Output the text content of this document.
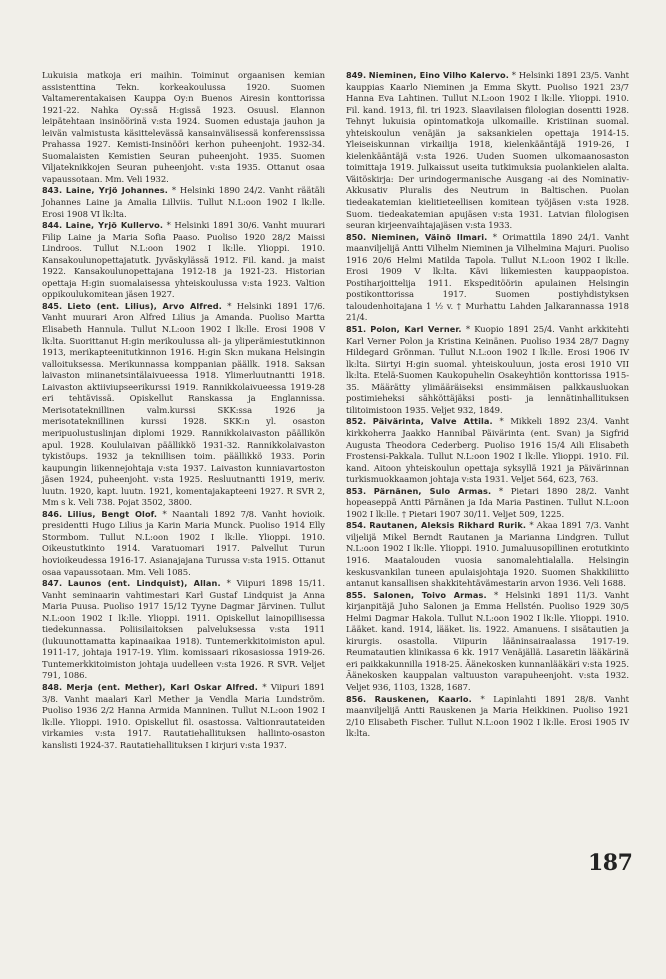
Lukuisia matkoja eri maihin. Toiminut orgaanisen kemian assistenttina Tekn. korkeakoulussa 1920. Suomen Valtamerentakaisen Kauppa Oy:n Buenos Airesin konttorissa 1921-22. Nahka Oy:ssä H:gissä 1923. Osuusl. Elannon leipätehtaan insinöörinä v:sta 1924. Suomen edustaja jauhon ja leivän valmistusta käsittelevässä kansainvälisessä konferenssissa Prahassa 1927. Kemisti-Insinööri kerhon puheenjoht. 1932-34. Suomalaisten Kemistien Seuran puheenjoht. 1935. Suomen Viljateknikkojen Seuran puheenjoht. v:sta 1935. Ottanut osaa vapaussotaan. Mm. Veli 1932.

843. Laine, Yrjö Johannes. * Helsinki 1890 24/2. Vanht räätäli Johannes Laine ja Amalia Lillviis. Tullut N.L:oon 1902 I lk:lle. Erosi 1908 VI lk:lta.

844. Laine, Yrjö Kullervo. * Helsinki 1891 30/6. Vanht muurari Filip Laine ja Maria Sofia Paaso. Puoliso 1920 28/2 Maissi Lindroos. Tullut N.L:oon 1902 I lk:lle. Ylioppi. 1910. Kansakoulunopettajatutk. Jyväskylässä 1912. Fil. kand. ja maist 1922. Kansakoulunopettajana 1912-18 ja 1921-23. Historian opettaja H:gin suomalaisessa yhteiskoulussa v:sta 1923. Valtion oppikoulukomitean jäsen 1927.

845. Lieto (ent. Lilius), Arvo Alfred. * Helsinki 1891 17/6. Vanht muurari Aron Alfred Lilius ja Amanda. Puoliso Martta Elisabeth Hannula. Tullut N.L:oon 1902 I lk:lle. Erosi 1908 V lk:lta. Suorittanut H:gin merikoulussa ali- ja yliperämiestutkinnon 1913, merikapteenitutkinnon 1916. H:gin Sk:n mukana Helsingin valloituksessa. Merikunnassa komppanian päällk. 1918. Saksan laivaston miinanetsintälaivueessa 1918. Ylimerluutnantti 1918. Laivaston aktiiviupseerikurssi 1919. Rannikkolaivueessa 1919-28 eri tehtävissä. Opiskellut Ranskassa ja Englannissa. Merisotateknillinen valm.kurssi SKK:ssa 1926 ja merisotateknillinen kurssi 1928. SKK:n yl. osaston meripuolustuslinjan diplomi 1929. Rannikkolaivaston päällikön apul. 1928. Koululaivan päällikkö 1931-32. Rannikkolaivaston tykistöups. 1932 ja teknillisen toim. päällikkö 1933. Porin kaupungin liikennejohtaja v:sta 1937. Laivaston kunniavartoston jäsen 1924, puheenjoht. v:sta 1925. Resluutnantti 1919, meriv. luutn. 1920, kapt. luutn. 1921, komentajakapteeni 1927. R SVR 2, Mm s k. Veli 738. Pojat 3502, 3800.

846. Lilius, Bengt Olof. * Naantali 1892 7/8. Vanht hovioik. presidentti Hugo Lilius ja Karin Maria Munck. Puoliso 1914 Elly Stormbom. Tullut N.L:oon 1902 I lk:lle. Ylioppi. 1910. Oikeustutkinto 1914. Varatuomari 1917. Palvellut Turun hovioikeudessa 1916-17. Asianajajana Turussa v:sta 1915. Ottanut osaa vapaussotaan. Mm. Veli 1085.

847. Launos (ent. Lindquist), Allan. * Viipuri 1898 15/11. Vanht seminaarin vahtimestari Karl Gustaf Lindquist ja Anna Maria Puusa. Puoliso 1917 15/12 Tyyne Dagmar Järvinen. Tullut N.L:oon 1902 I lk:lle. Ylioppi. 1911. Opiskellut lainopillisessa tiedekunnassa. Poliisilaitoksen palveluksessa v:sta 1911 (lukuunottamatta kapinaaikaa 1918). Tuntemerkkitoimiston apul. 1911-17, johtaja 1917-19. Ylim. komissaari rikosasiossa 1919-26. Tuntemerkkitoimiston johtaja uudelleen v:sta 1926. R SVR. Veljet 791, 1086.

848. Merja (ent. Mether), Karl Oskar Alfred. * Viipuri 1891 3/8. Vanht maalari Karl Mether ja Vendla Maria Lundström. Puoliso 1936 2/2 Hanna Armida Manninen. Tullut N.L:oon 1902 I lk:lle. Ylioppi. 1910. Opiskellut fil. osastossa. Valtionrautateiden virkamies v:sta 1917. Rautatiehallituksen hallinto-osaston kanslisti 1924-37. Rautatiehallituksen I kirjuri v:sta 1937.

849. Nieminen, Eino Vilho Kalervo. * Helsinki 1891 23/5. Vanht kauppias Kaarlo Nieminen ja Emma Skytt. Puoliso 1921 23/7 Hanna Eva Lahtinen. Tullut N.L:oon 1902 I lk:lle. Ylioppi. 1910. Fil. kand. 1913, fil. tri 1923. Slaavilaisen filologian dosentti 1928. Tehnyt lukuisia opintomatkoja ulkomaille. Kristiinan suomal. yhteiskoulun venäjän ja saksankielen opettaja 1914-15. Yleiseiskunnan virkailija 1918, kielenkääntäjä 1919-26, I kielenkääntäjä v:sta 1926. Uuden Suomen ulkomaanosaston toimittaja 1919. Julkaissut useita tutkimuksia puolankielen alalta. Väitöskirja: Der urindogermanische Ausgang -ai des Nominativ-Akkusativ Pluralis des Neutrum in Baltischen. Puolan tiedeakatemian kielitieteellisen komitean työjäsen v:sta 1928. Suom. tiedeakatemian apujäsen v:sta 1931. Latvian filologisen seuran kirjeenvaihtajajäsen v:sta 1933.

850. Nieminen, Väinö Ilmari. * Orimattila 1890 24/1. Vanht maanviljelijä Antti Vilhelm Nieminen ja Vilhelmina Majuri. Puoliso 1916 20/6 Helmi Matilda Tapola. Tullut N.L:oon 1902 I lk:lle. Erosi 1909 V lk:lta. Kävi liikemiesten kauppaopistoa. Postiharjoittelija 1911. Ekspeditöörin apulainen Helsingin postikonttorissa 1917. Suomen postiyhdistyksen taloudenhoitajana 1 ½ v. † Murhattu Lahden Jalkarannassa 1918 21/4.

851. Polon, Karl Verner. * Kuopio 1891 25/4. Vanht arkkitehti Karl Verner Polon ja Kristina Keinänen. Puoliso 1934 28/7 Dagny Hildegard Grönman. Tullut N.L:oon 1902 I lk:lle. Erosi 1906 IV lk:lta. Siirtyi H:gin suomal. yhteiskouluun, josta erosi 1910 VII lk:lta. Etelä-Suomen Kaukopuhelin Osakeyhtiön konttorissa 1915-35. Määrätty ylimääräiseksi ensimmäisen palkkausluokan postimieheksi sähköttäjäksi posti- ja lennätinhallituksen tilitoimistoon 1935. Veljet 932, 1849.

852. Päivärinta, Valve Attila. * Mikkeli 1892 23/4. Vanht kirkkoherra Jaakko Hannibal Päivärinta (ent. Svan) ja Sigfrid Augusta Theodora Cederberg. Puoliso 1916 15/4 Aili Elisabeth Frostensi-Pakkala. Tullut N.L:oon 1902 I lk:lle. Ylioppi. 1910. Fil. kand. Aitoon yhteiskoulun opettaja syksyllä 1921 ja Päivärinnan turkismuokkaamon johtaja v:sta 1931. Veljet 564, 623, 763.

853. Pärnänen, Sulo Armas. * Pietari 1890 28/2. Vanht hopeaseppä Antti Pärnänen ja Ida Maria Pastinen. Tullut N.L:oon 1902 I lk:lle. † Pietari 1907 30/11. Veljet 509, 1225.

854. Rautanen, Aleksis Rikhard Rurik. * Akaa 1891 7/3. Vanht viljelijä Mikel Berndt Rautanen ja Marianna Lindgren. Tullut N.L:oon 1902 I lk:lle. Ylioppi. 1910. Jumaluusopillinen erotutkinto 1916. Maatalouden vuosia sanomalehtialalla. Helsingin keskusvankilan tuneen apulaisjohtaja 1920. Suomen Shakkiliitto antanut kansallisen shakkitehtävämestarin arvon 1936. Veli 1688.

855. Salonen, Toivo Armas. * Helsinki 1891 11/3. Vanht kirjanpitäjä Juho Salonen ja Emma Hellstén. Puoliso 1929 30/5 Helmi Dagmar Hakola. Tullut N.L:oon 1902 I lk:lle. Ylioppi. 1910. Lääket. kand. 1914, lääket. lis. 1922. Amanuens. I sisätautien ja kirurgis. osastolla. Viipurin lääninsairaalassa 1917-19. Reumatautien klinikassa 6 kk. 1917 Venäjällä. Lasaretin lääkärinä eri paikkakunnilla 1918-25. Äänekosken kunnanlääkäri v:sta 1925. Äänekosken kauppalan valtuuston varapuheenjoht. v:sta 1932. Veljet 936, 1103, 1328, 1687.

856. Rauskenen, Kaarlo. * Lapinlahti 1891 28/8. Vanht maanviljelijä Antti Rauskenen ja Maria Heikkinen. Puoliso 1921 2/10 Elisabeth Fischer. Tullut N.L:oon 1902 I lk:lle. Erosi 1905 IV lk:lta.

187
